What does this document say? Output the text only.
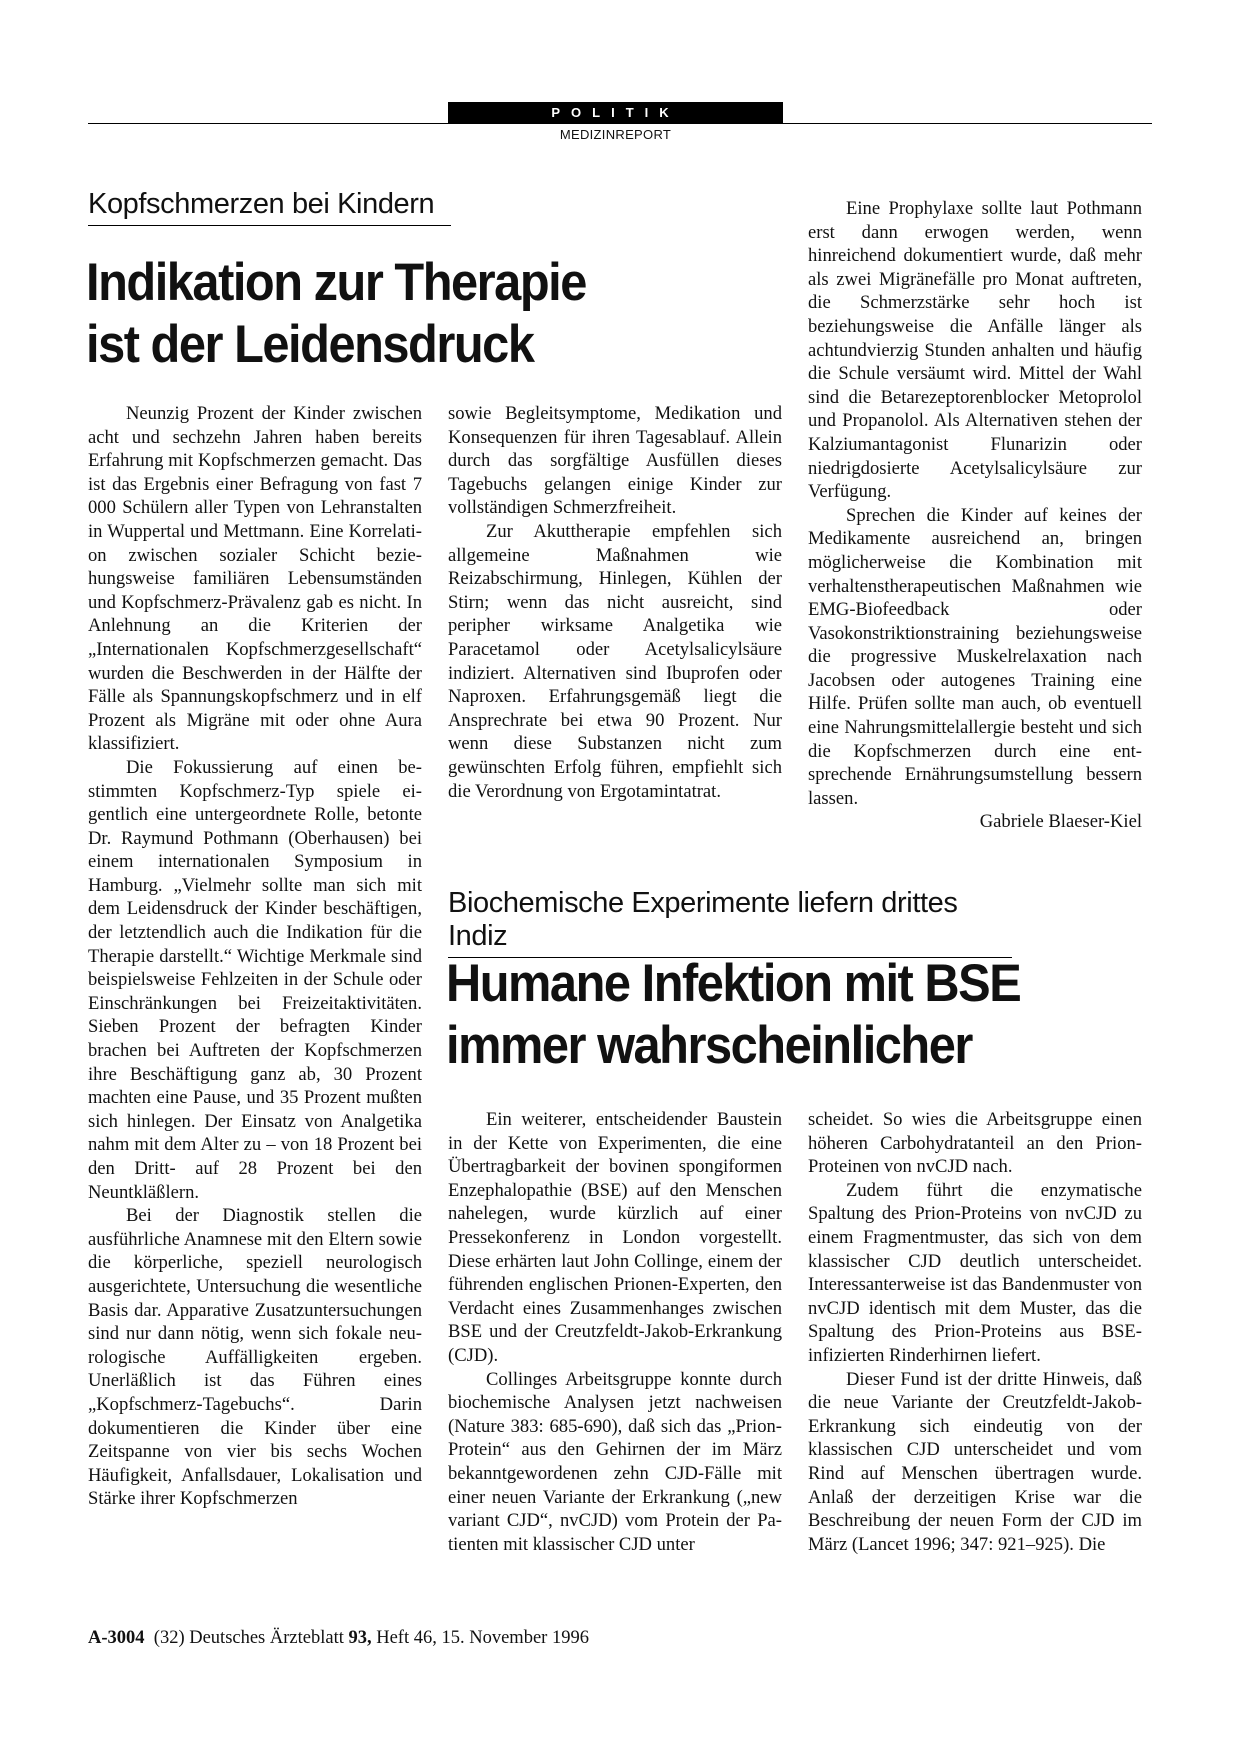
POLITIK
MEDIZINREPORT
Kopfschmerzen bei Kindern
Indikation zur Therapie
ist der Leidensdruck

Neunzig Prozent der Kinder zwischen acht und sechzehn Jahren haben bereits Erfahrung mit Kopfschmerzen gemacht. Das ist das Ergebnis einer Befragung von fast 7 000 Schülern aller Typen von Lehranstalten in Wuppertal und Mettmann. Eine Korrelation zwischen sozialer Schicht beziehungsweise familiären Lebensumständen und Kopfschmerz-Prävalenz gab es nicht. In Anlehnung an die Kriterien der „Internationalen Kopfschmerzgesellschaft“ wurden die Beschwerden in der Hälfte der Fälle als Spannungskopfschmerz und in elf Prozent als Migräne mit oder ohne Aura klassifiziert.

Die Fokussierung auf einen bestimmten Kopfschmerz-Typ spiele eigentlich eine untergeordnete Rolle, betonte Dr. Raymund Pothmann (Oberhausen) bei einem internationalen Symposium in Hamburg. „Vielmehr sollte man sich mit dem Leidensdruck der Kinder beschäftigen, der letztendlich auch die Indikation für die Therapie darstellt.“ Wichtige Merkmale sind beispielsweise Fehlzeiten in der Schule oder Einschränkungen bei Freizeitaktivitäten. Sieben Prozent der befragten Kinder brachen bei Auftreten der Kopfschmerzen ihre Beschäftigung ganz ab, 30 Prozent machten eine Pause, und 35 Prozent mußten sich hinlegen. Der Einsatz von Analgetika nahm mit dem Alter zu – von 18 Prozent bei den Dritt- auf 28 Prozent bei den Neuntkläßlern.

Bei der Diagnostik stellen die ausführliche Anamnese mit den Eltern sowie die körperliche, speziell neurologisch ausgerichtete, Untersuchung die wesentliche Basis dar. Apparative Zusatzuntersuchungen sind nur dann nötig, wenn sich fokale neurologische Auffälligkeiten ergeben. Unerläßlich ist das Führen eines „Kopfschmerz-Tagebuchs“. Darin dokumentieren die Kinder über eine Zeitspanne von vier bis sechs Wochen Häufigkeit, Anfallsdauer, Lokalisation und Stärke ihrer Kopfschmerzen

sowie Begleitsymptome, Medikation und Konsequenzen für ihren Tagesablauf. Allein durch das sorgfältige Ausfüllen dieses Tagebuchs gelangen einige Kinder zur vollständigen Schmerzfreiheit.

Zur Akuttherapie empfehlen sich allgemeine Maßnahmen wie Reizabschirmung, Hinlegen, Kühlen der Stirn; wenn das nicht ausreicht, sind peripher wirksame Analgetika wie Paracetamol oder Acetylsalicylsäure indiziert. Alternativen sind Ibuprofen oder Naproxen. Erfahrungsgemäß liegt die Ansprechrate bei etwa 90 Prozent. Nur wenn diese Substanzen nicht zum gewünschten Erfolg führen, empfiehlt sich die Verordnung von Ergotamintatrat.

Eine Prophylaxe sollte laut Pothmann erst dann erwogen werden, wenn hinreichend dokumentiert wurde, daß mehr als zwei Migränefälle pro Monat auftreten, die Schmerzstärke sehr hoch ist beziehungsweise die Anfälle länger als achtundvierzig Stunden anhalten und häufig die Schule versäumt wird. Mittel der Wahl sind die Betarezeptorenblocker Metoprolol und Propanolol. Als Alternativen stehen der Kalziumantagonist Flunarizin oder niedrigdosierte Acetylsalicylsäure zur Verfügung.

Sprechen die Kinder auf keines der Medikamente ausreichend an, bringen möglicherweise die Kombination mit verhaltenstherapeutischen Maßnahmen wie EMG-Biofeedback oder Vasokonstriktionstraining beziehungsweise die progressive Muskelrelaxation nach Jacobsen oder autogenes Training eine Hilfe. Prüfen sollte man auch, ob eventuell eine Nahrungsmittelallergie besteht und sich die Kopfschmerzen durch eine entsprechende Ernährungsumstellung bessern lassen.

Gabriele Blaeser-Kiel
Biochemische Experimente liefern drittes Indiz
Humane Infektion mit BSE
immer wahrscheinlicher

Ein weiterer, entscheidender Baustein in der Kette von Experimenten, die eine Übertragbarkeit der bovinen spongiformen Enzephalopathie (BSE) auf den Menschen nahelegen, wurde kürzlich auf einer Pressekonferenz in London vorgestellt. Diese erhärten laut John Collinge, einem der führenden englischen Prionen-Experten, den Verdacht eines Zusammenhanges zwischen BSE und der Creutzfeldt-Jakob-Erkrankung (CJD).

Collinges Arbeitsgruppe konnte durch biochemische Analysen jetzt nachweisen (Nature 383: 685-690), daß sich das „Prion-Protein“ aus den Gehirnen der im März bekanntgewordenen zehn CJD-Fälle mit einer neuen Variante der Erkrankung („new variant CJD“, nvCJD) vom Protein der Patienten mit klassischer CJD unter

scheidet. So wies die Arbeitsgruppe einen höheren Carbohydratanteil an den Prion-Proteinen von nvCJD nach.

Zudem führt die enzymatische Spaltung des Prion-Proteins von nvCJD zu einem Fragmentmuster, das sich von dem klassischer CJD deutlich unterscheidet. Interessanterweise ist das Bandenmuster von nvCJD identisch mit dem Muster, das die Spaltung des Prion-Proteins aus BSE-infizierten Rinderhirnen liefert.

Dieser Fund ist der dritte Hinweis, daß die neue Variante der Creutzfeldt-Jakob-Erkrankung sich eindeutig von der klassischen CJD unterscheidet und vom Rind auf Menschen übertragen wurde. Anlaß der derzeitigen Krise war die Beschreibung der neuen Form der CJD im März (Lancet 1996; 347: 921–925). Die

A-3004 (32) Deutsches Ärzteblatt 93, Heft 46, 15. November 1996
